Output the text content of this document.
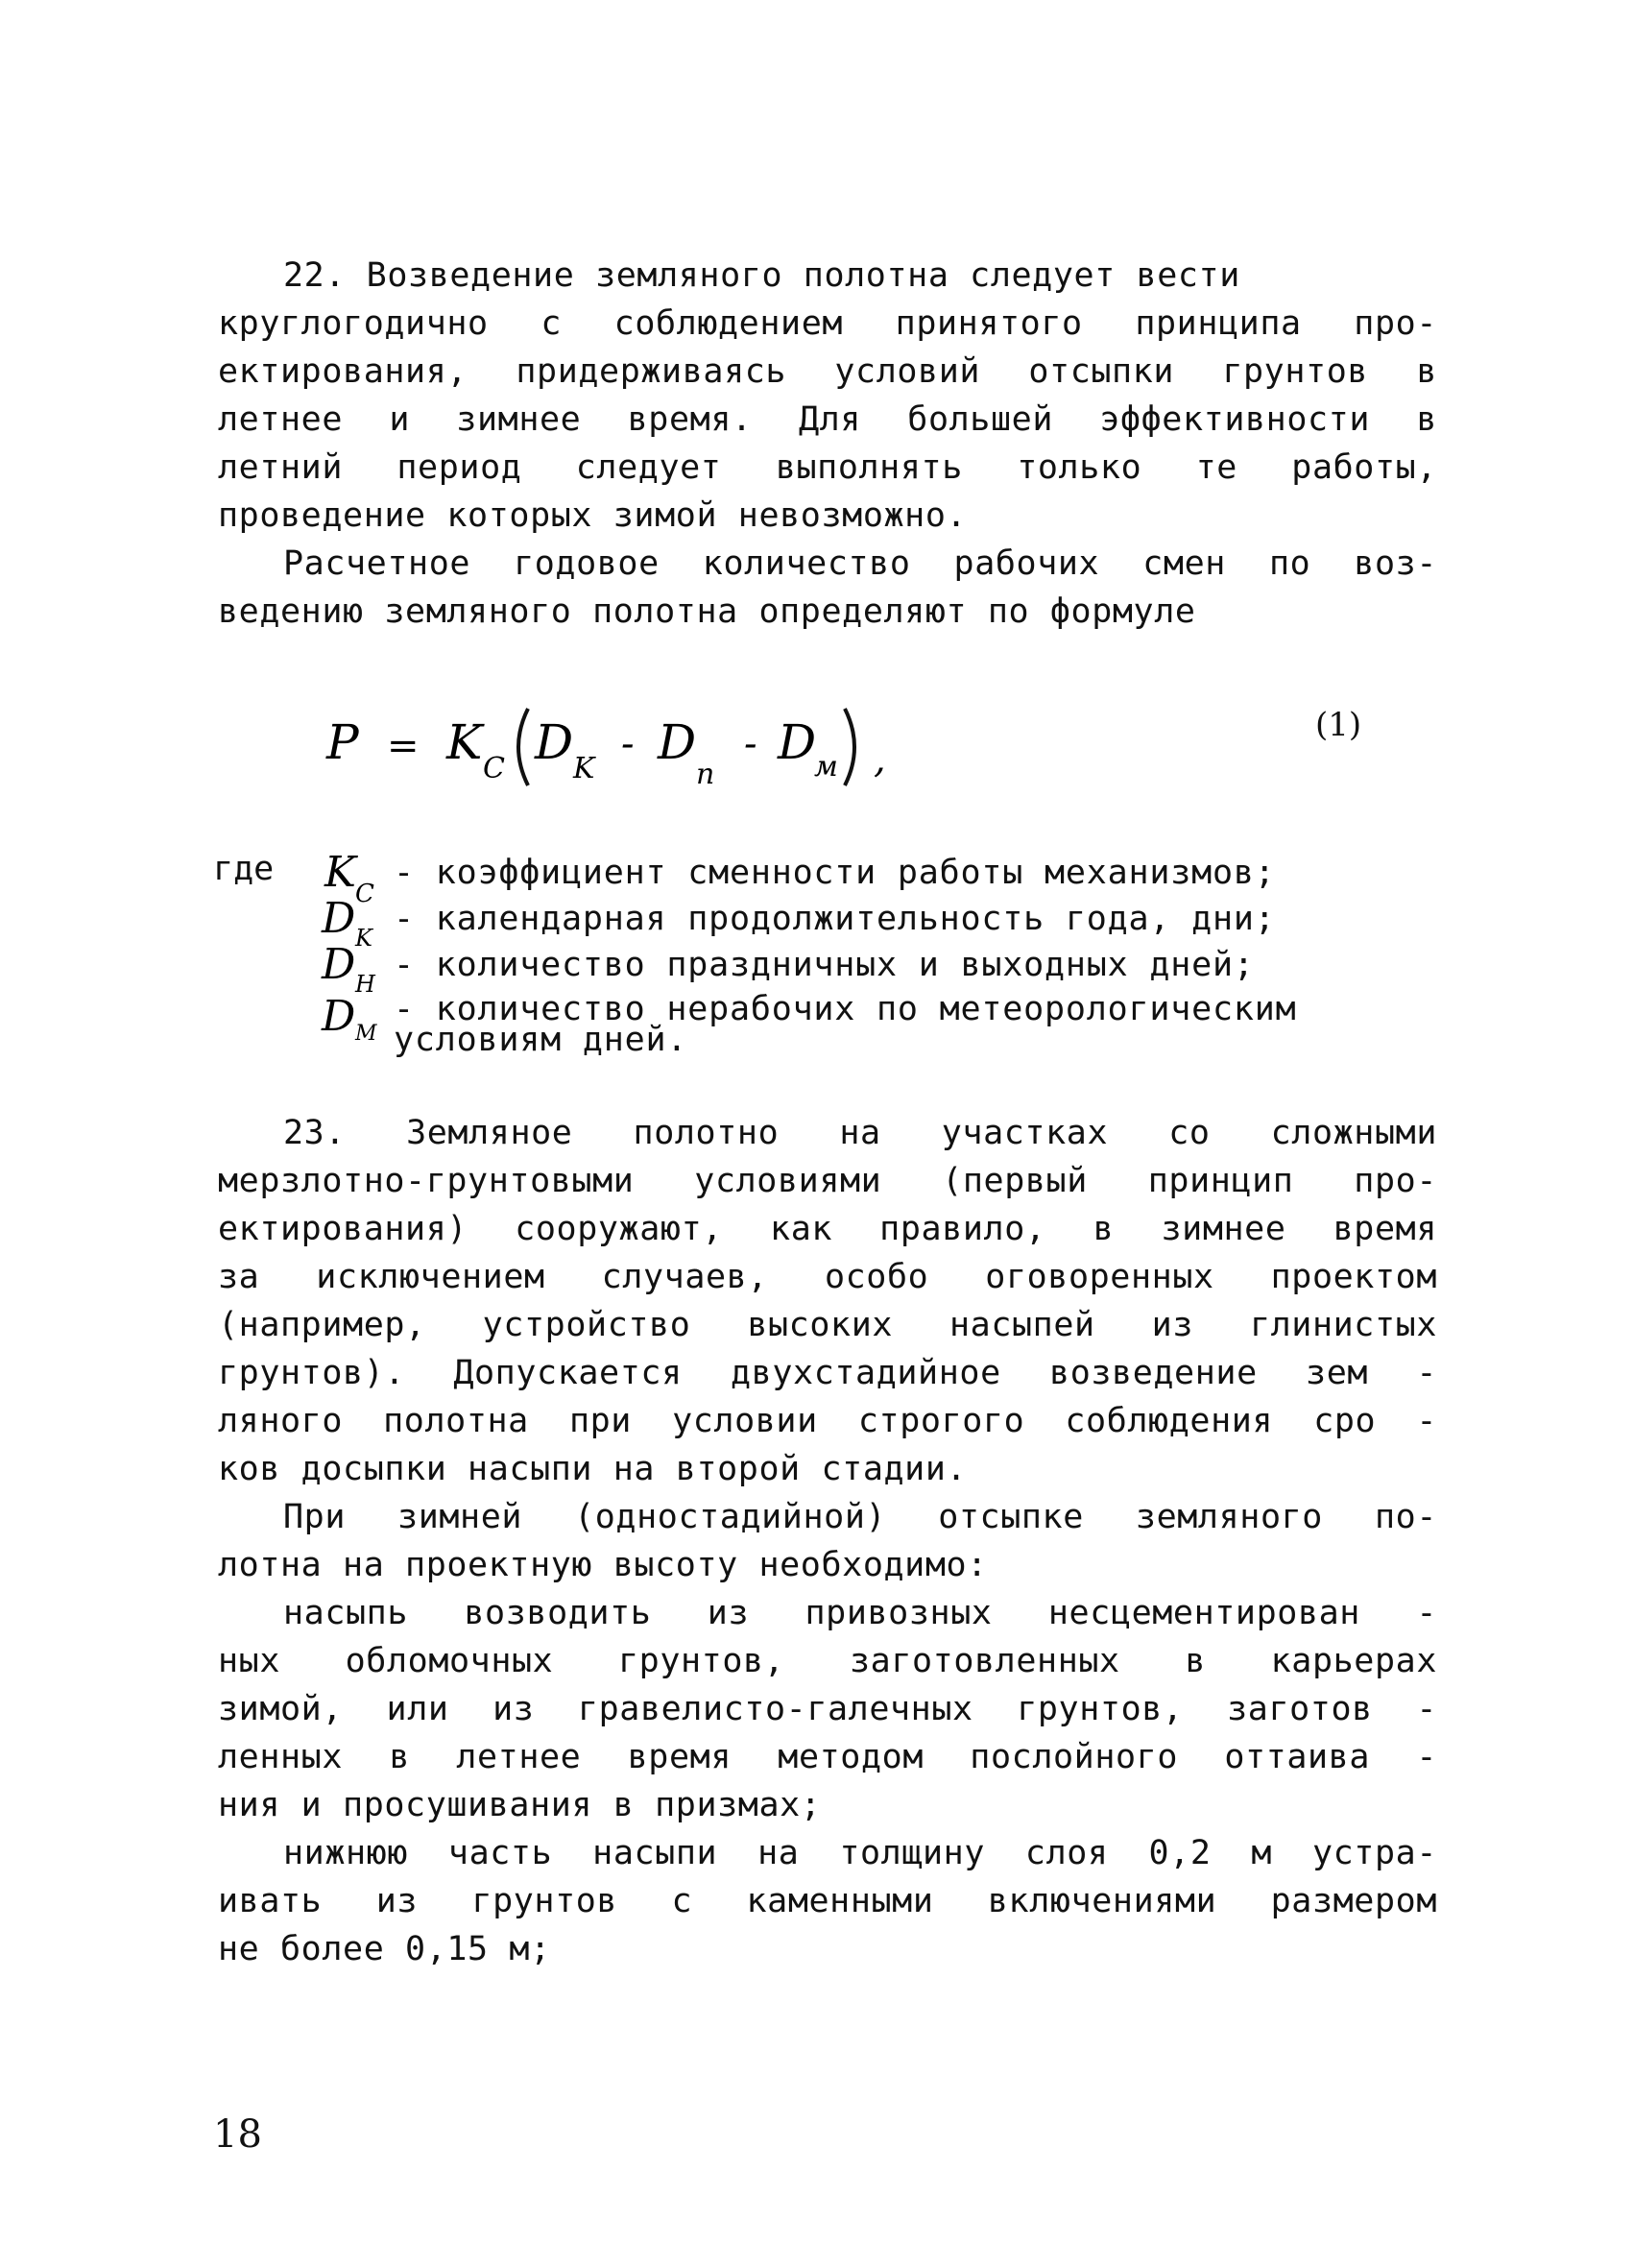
22. Возведение земляного полотна следует вести
круглогодично с соблюдением принятого принципа про-
ектирования, придерживаясь условий отсыпки грунтов в
летнее и зимнее время. Для большей эффективности в
летний период следует выполнять только те работы,
проведение которых зимой невозможно.
Расчетное годовое количество рабочих смен по воз-
ведению земляного полотна определяют по формуле
P = K C D K
- D
п
- D
м ,
(1)
где K C
- коэффициент сменности работы механизмов;
D K - календарная продолжительность года, дни;
D H - количество праздничных и выходных дней;
D M
- количество нерабочих по метеорологическим условиям дней.
23. Земляное полотно на участках со сложными
мерзлотно-грунтовыми условиями (первый принцип про-
ектирования) сооружают, как правило, в зимнее время
за исключением случаев, особо оговоренных проектом
(например, устройство высоких насыпей из глинистых
грунтов). Допускается двухстадийное возведение зем -
ляного полотна при условии строгого соблюдения сро -
ков досыпки насыпи на второй стадии.
При зимней (одностадийной) отсыпке земляного по-
лотна на проектную высоту необходимо:
насыпь возводить из привозных несцементирован -
ных обломочных грунтов, заготовленных в карьерах
зимой, или из гравелисто-галечных грунтов, заготов -
ленных в летнее время методом послойного оттаива -
ния и просушивания в призмах;
нижнюю часть насыпи на толщину слоя 0,2 м устра-
ивать из грунтов с каменными включениями размером
не более 0,15 м;
18
